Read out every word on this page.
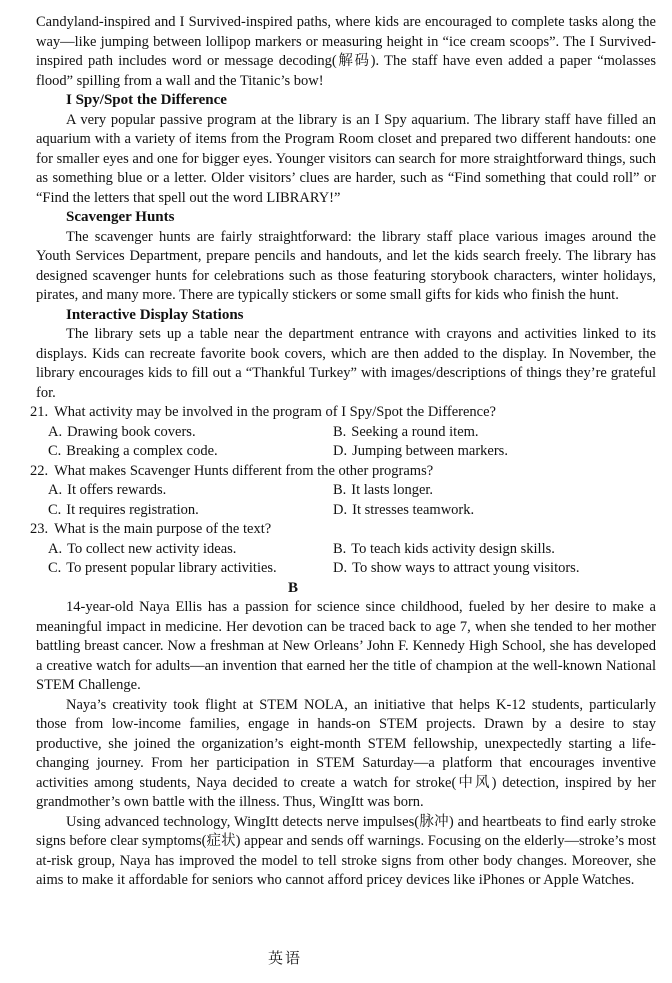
Candyland-inspired and I Survived-inspired paths, where kids are encouraged to complete tasks along the way—like jumping between lollipop markers or measuring height in “ice cream scoops”. The I Survived-inspired path includes word or message decoding(解码). The staff have even added a paper “molasses flood” spilling from a wall and the Titanic’s bow!

I Spy/Spot the Difference

A very popular passive program at the library is an I Spy aquarium. The library staff have filled an aquarium with a variety of items from the Program Room closet and prepared two different handouts: one for smaller eyes and one for bigger eyes. Younger visitors can search for more straightforward things, such as something blue or a letter. Older visitors’ clues are harder, such as “Find something that could roll” or “Find the letters that spell out the word LIBRARY!”

Scavenger Hunts

The scavenger hunts are fairly straightforward: the library staff place various images around the Youth Services Department, prepare pencils and handouts, and let the kids search freely. The library has designed scavenger hunts for celebrations such as those featuring storybook characters, winter holidays, pirates, and many more. There are typically stickers or some small gifts for kids who finish the hunt.

Interactive Display Stations

The library sets up a table near the department entrance with crayons and activities linked to its displays. Kids can recreate favorite book covers, which are then added to the display. In November, the library encourages kids to fill out a “Thankful Turkey” with images/descriptions of things they’re grateful for.

21. What activity may be involved in the program of I Spy/Spot the Difference?
A. Drawing book covers.	B. Seeking a round item.
C. Breaking a complex code.	D. Jumping between markers.
22. What makes Scavenger Hunts different from the other programs?
A. It offers rewards.	B. It lasts longer.
C. It requires registration.	D. It stresses teamwork.
23. What is the main purpose of the text?
A. To collect new activity ideas.	B. To teach kids activity design skills.
C. To present popular library activities.	D. To show ways to attract young visitors.
B

14-year-old Naya Ellis has a passion for science since childhood, fueled by her desire to make a meaningful impact in medicine. Her devotion can be traced back to age 7, when she tended to her mother battling breast cancer. Now a freshman at New Orleans’ John F. Kennedy High School, she has developed a creative watch for adults—an invention that earned her the title of champion at the well-known National STEM Challenge.

Naya’s creativity took flight at STEM NOLA, an initiative that helps K-12 students, particularly those from low-income families, engage in hands-on STEM projects. Drawn by a desire to stay productive, she joined the organization’s eight-month STEM fellowship, unexpectedly starting a life-changing journey. From her participation in STEM Saturday—a platform that encourages inventive activities among students, Naya decided to create a watch for stroke(中风) detection, inspired by her grandmother’s own battle with the illness. Thus, WingItt was born.

Using advanced technology, WingItt detects nerve impulses(脉冲) and heartbeats to find early stroke signs before clear symptoms(症状) appear and sends off warnings. Focusing on the elderly—stroke’s most at-risk group, Naya has improved the model to tell stroke signs from other body changes. Moreover, she aims to make it affordable for seniors who cannot afford pricey devices like iPhones or Apple Watches.

英语
